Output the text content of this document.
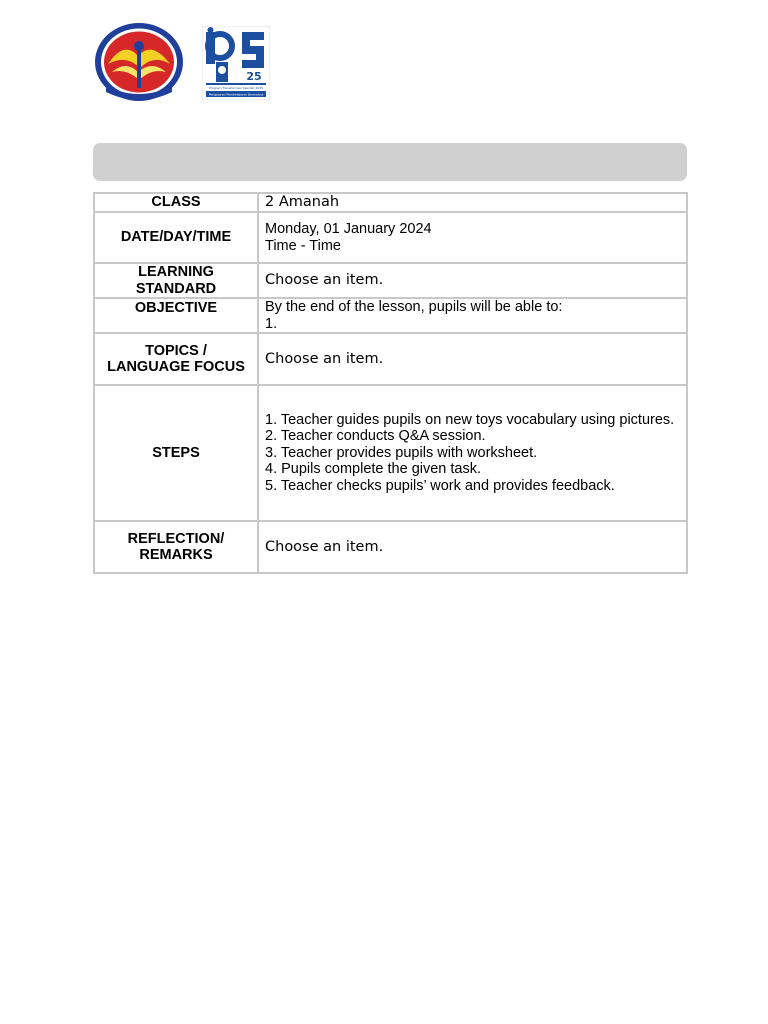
25
Program Transformasi Sekolah 2025
Pengajaran Pembelajaran Bermakna
CLASS	2 Amanah
DATE/DAY/TIME	Monday, 01 January 2024
Time - Time

LEARNING
STANDARD	Choose an item.
OBJECTIVE	By the end of the lesson, pupils will be able to:
1.

TOPICS /
LANGUAGE FOCUS	Choose an item.
STEPS	1. Teacher guides pupils on new toys vocabulary using pictures.
2. Teacher conducts Q&A session.
3. Teacher provides pupils with worksheet.
4. Pupils complete the given task.
5. Teacher checks pupils’ work and provides feedback.

REFLECTION/
REMARKS	Choose an item.
